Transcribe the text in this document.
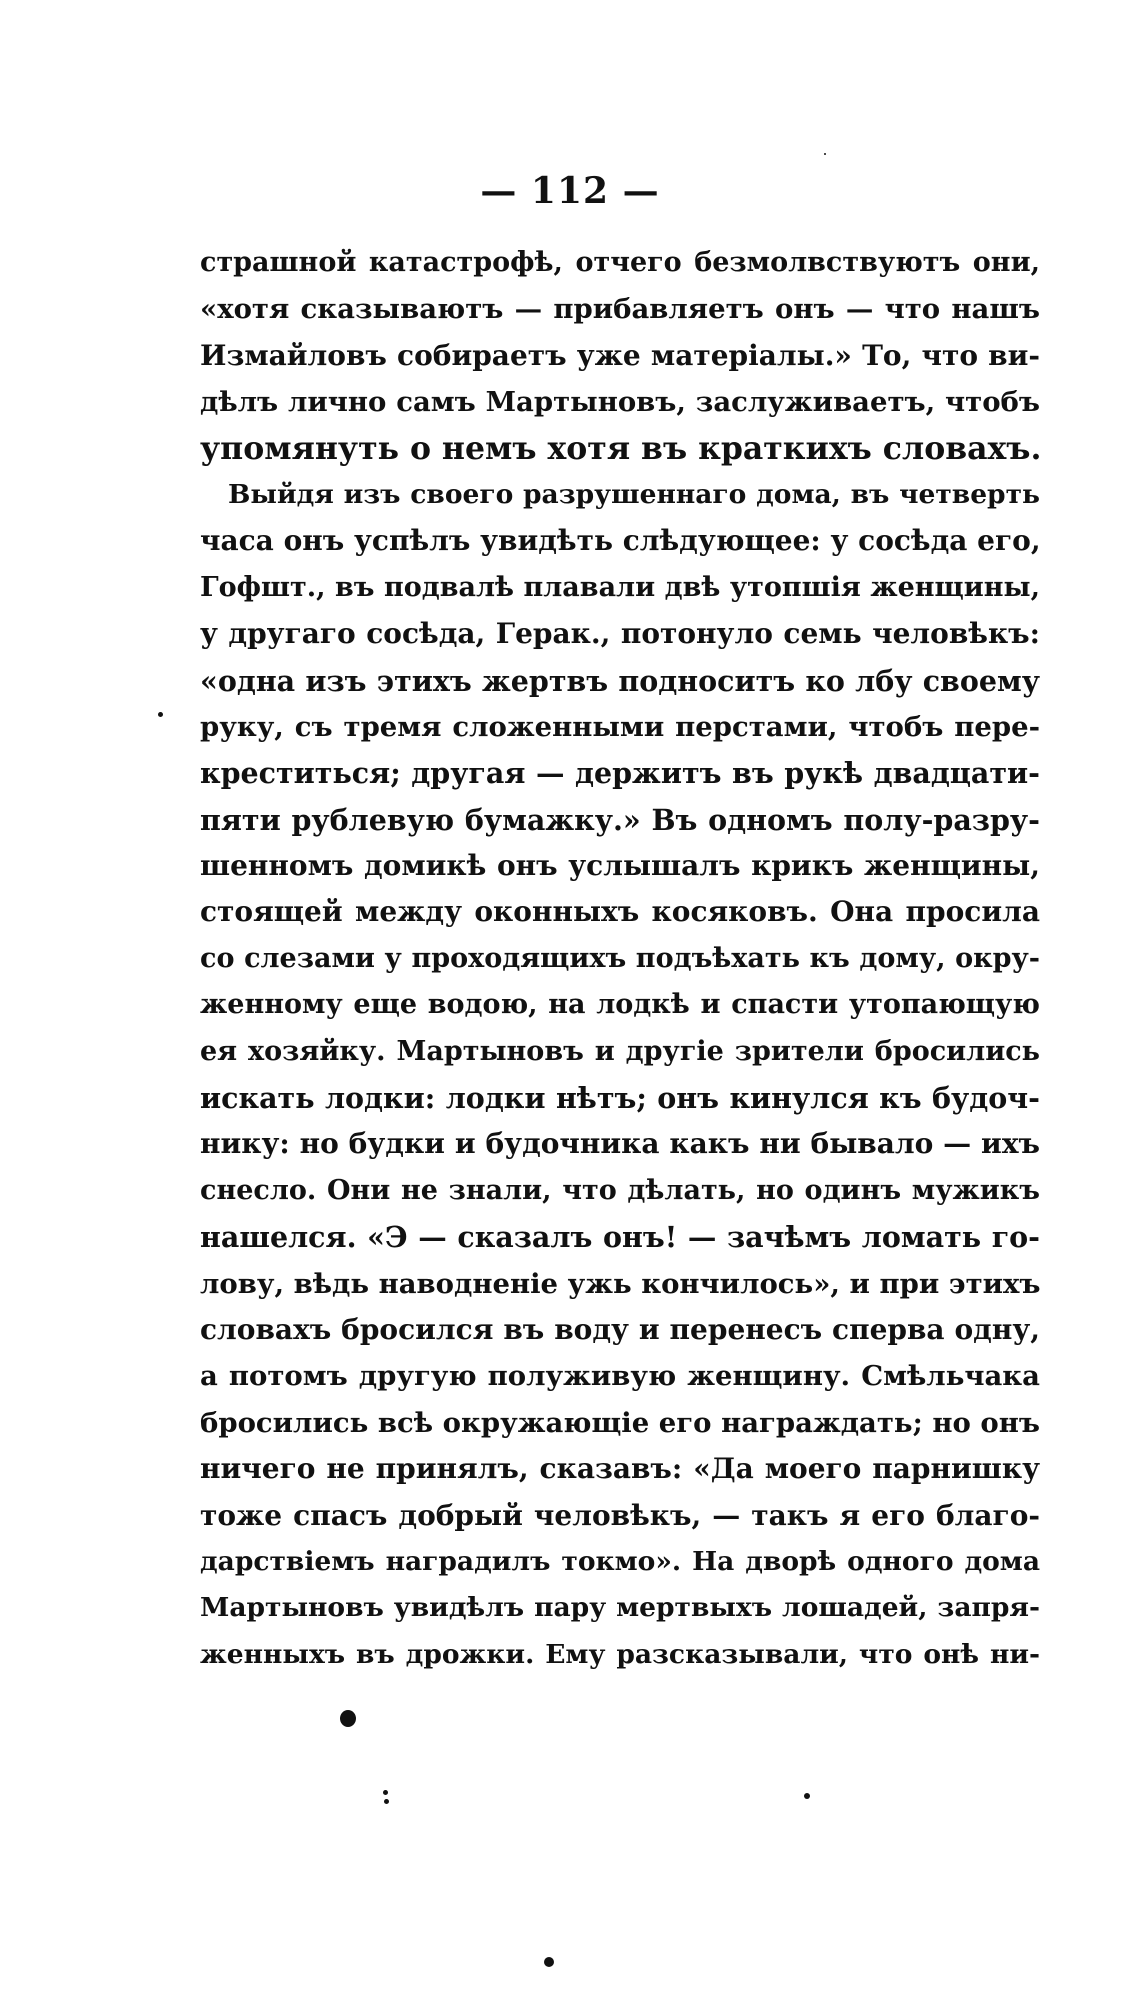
— 112 —
страшной катастрофѣ, отчего безмолвствуютъ они,
«хотя сказываютъ — прибавляетъ онъ — что нашъ
Измайловъ собираетъ уже матеріалы.» То, что ви-
дѣлъ лично самъ Мартыновъ, заслуживаетъ, чтобъ
упомянуть о немъ хотя въ краткихъ словахъ.
Выйдя изъ своего разрушеннаго дома, въ четверть
часа онъ успѣлъ увидѣть слѣдующее: у сосѣда его,
Гофшт., въ подвалѣ плавали двѣ утопшія женщины,
у другаго сосѣда, Герак., потонуло семь человѣкъ:
«одна изъ этихъ жертвъ подноситъ ко лбу своему
руку, съ тремя сложенными перстами, чтобъ пере-
креститься; другая — держитъ въ рукѣ двадцати-
пяти рублевую бумажку.» Въ одномъ полу-разру-
шенномъ домикѣ онъ услышалъ крикъ женщины,
стоящей между оконныхъ косяковъ. Она просила
со слезами у проходящихъ подъѣхать къ дому, окру-
женному еще водою, на лодкѣ и спасти утопающую
ея хозяйку. Мартыновъ и другіе зрители бросились
искать лодки: лодки нѣтъ; онъ кинулся къ будоч-
нику: но будки и будочника какъ ни бывало — ихъ
снесло. Они не знали, что дѣлать, но одинъ мужикъ
нашелся. «Э — сказалъ онъ! — зачѣмъ ломать го-
лову, вѣдь наводненіе ужь кончилось», и при этихъ
словахъ бросился въ воду и перенесъ сперва одну,
а потомъ другую полуживую женщину. Смѣльчака
бросились всѣ окружающіе его награждать; но онъ
ничего не принялъ, сказавъ: «Да моего парнишку
тоже спасъ добрый человѣкъ, — такъ я его благо-
дарствіемъ наградилъ токмо». На дворѣ одного дома
Мартыновъ увидѣлъ пару мертвыхъ лошадей, запря-
женныхъ въ дрожки. Ему разсказывали, что онѣ ни-
